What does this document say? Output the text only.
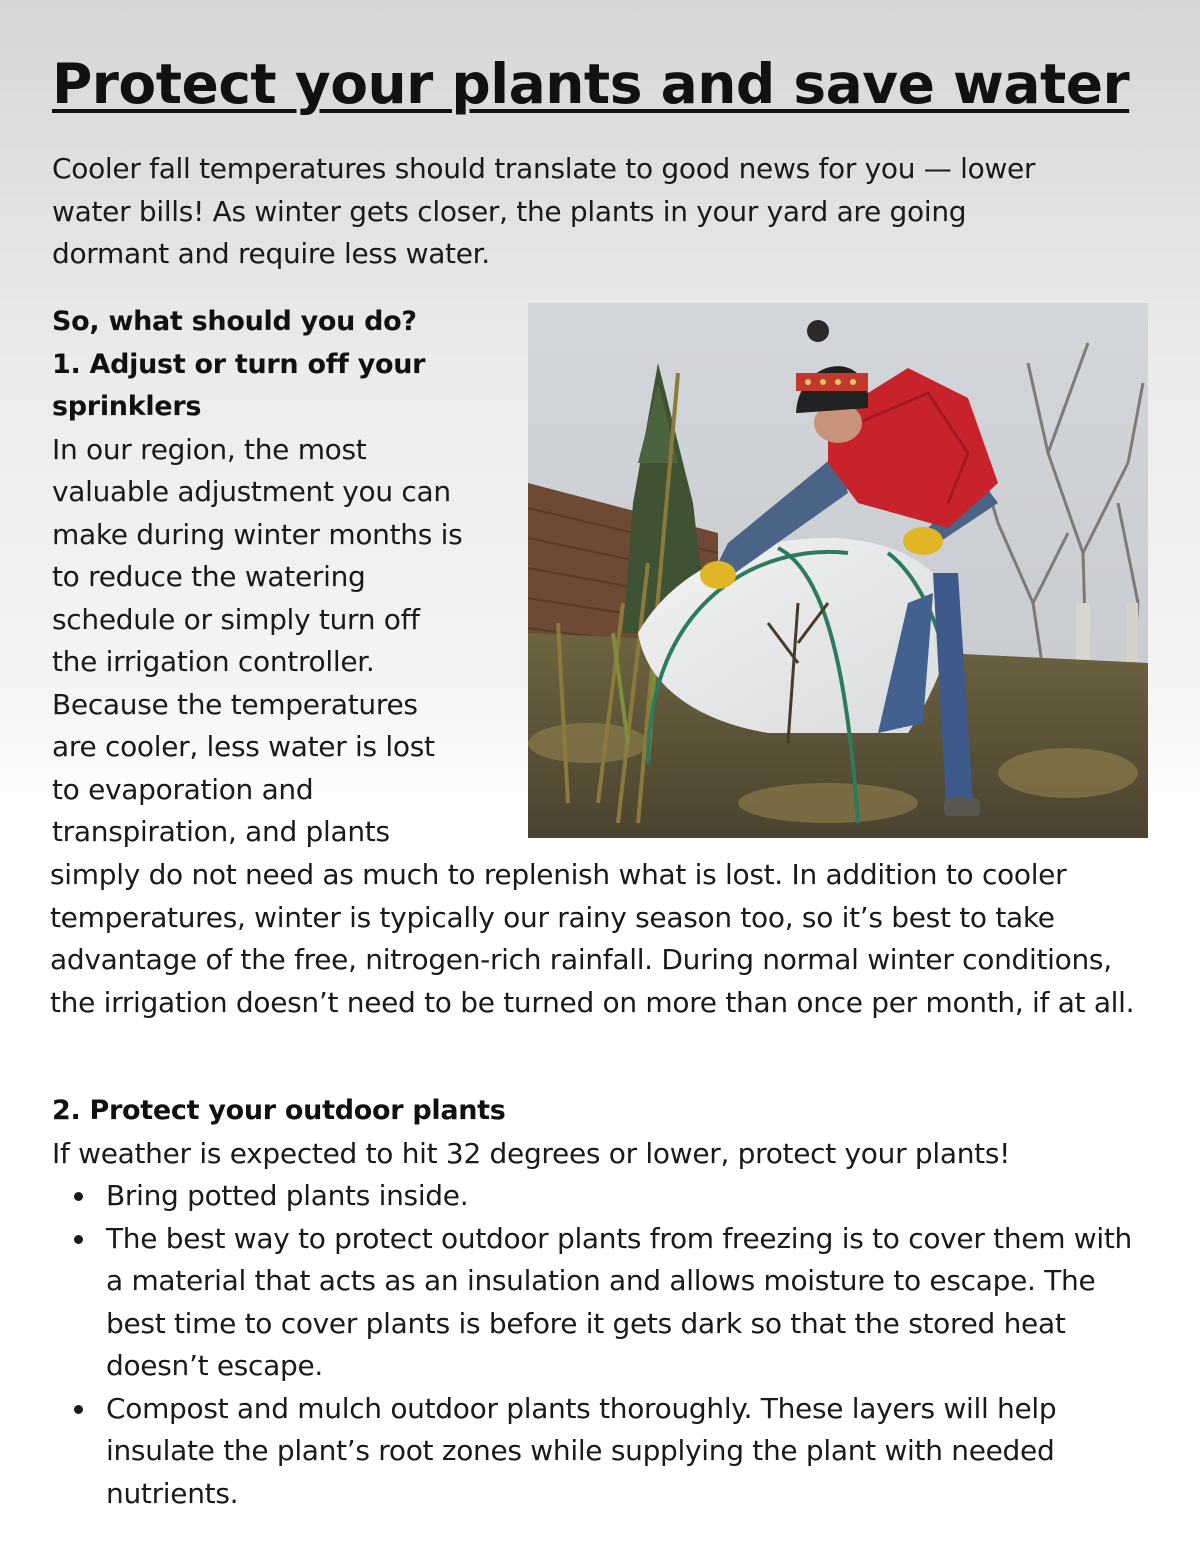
Protect your plants and save water

Cooler fall temperatures should translate to good news for you — lower water bills! As winter gets closer, the plants in your yard are going dormant and require less water.

So, what should you do?

1. Adjust or turn off your sprinklers

In our region, the most

valuable adjustment you can

make during winter months is

to reduce the watering

schedule or simply turn off

the irrigation controller.

Because the temperatures

are cooler, less water is lost

to evaporation and

transpiration, and plants

simply do not need as much to replenish what is lost. In addition to cooler temperatures, winter is typically our rainy season too, so it’s best to take advantage of the free, nitrogen-rich rainfall. During normal winter conditions, the irrigation doesn’t need to be turned on more than once per month, if at all.

2. Protect your outdoor plants

If weather is expected to hit 32 degrees or lower, protect your plants!

Bring potted plants inside.
The best way to protect outdoor plants from freezing is to cover them with a material that acts as an insulation and allows moisture to escape. The best time to cover plants is before it gets dark so that the stored heat doesn’t escape.
Compost and mulch outdoor plants thoroughly. These layers will help insulate the plant’s root zones while supplying the plant with needed nutrients.
